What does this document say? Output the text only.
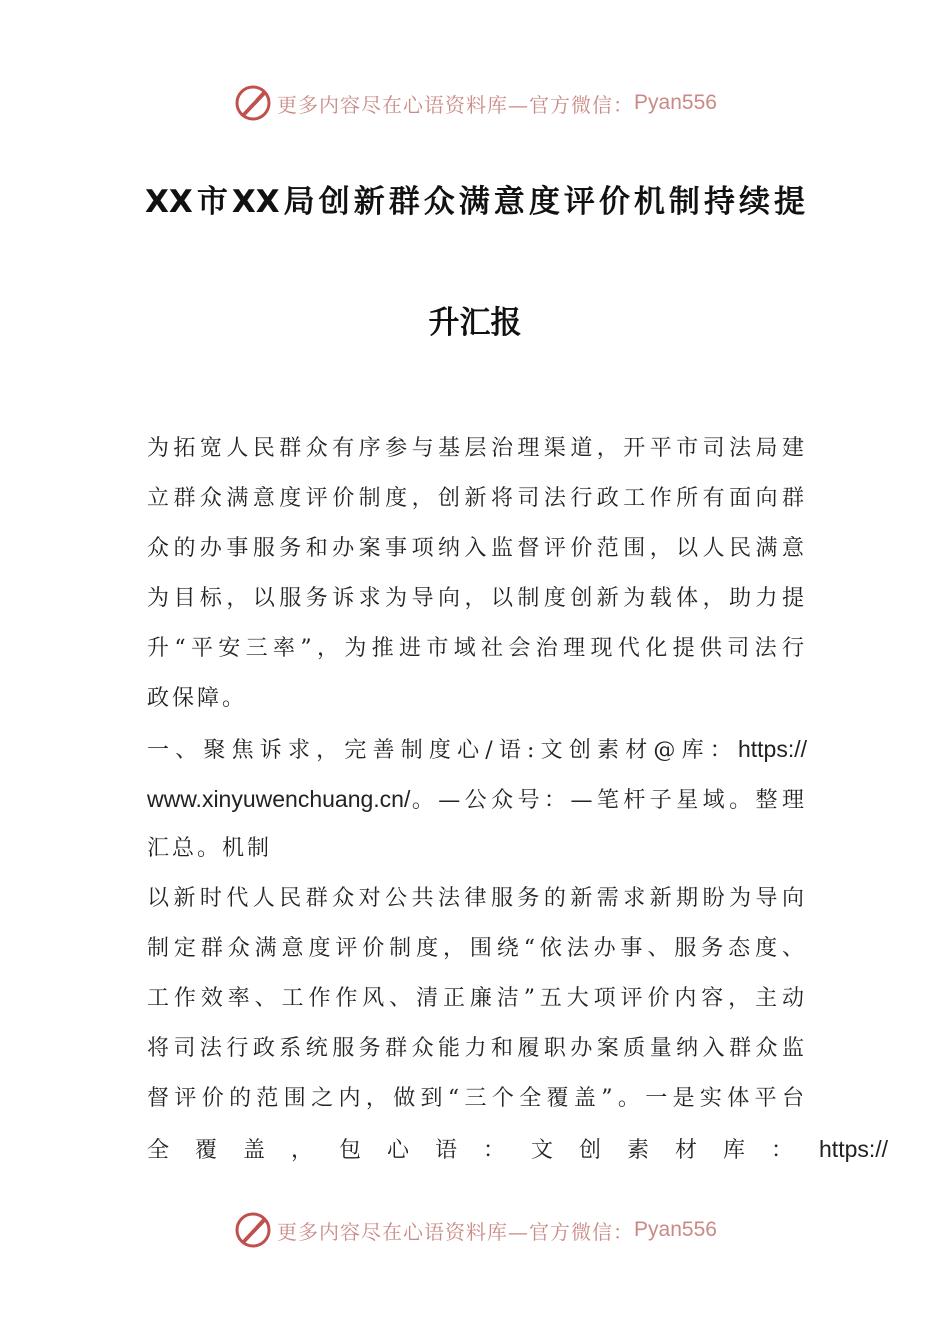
更多内容尽在心语资料库—官方微信： Pyan556
XX市XX局创新群众满意度评价机制持续提
升汇报
为拓宽人民群众有序参与基层治理渠道，开平市司法局建
立群众满意度评价制度，创新将司法行政工作所有面向群
众的办事服务和办案事项纳入监督评价范围，以人民满意
为目标，以服务诉求为导向，以制度创新为载体，助力提
升“平安三率”，为推进市域社会治理现代化提供司法行
政保障。
一、聚焦诉求，完善制度心/语:文创素材@库：https://
www.xinyuwenchuang.cn/。—公众号：—笔杆子星域。整理
汇总。机制
以新时代人民群众对公共法律服务的新需求新期盼为导向
制定群众满意度评价制度，围绕“依法办事、服务态度、
工作效率、工作作风、清正廉洁”五大项评价内容，主动
将司法行政系统服务群众能力和履职办案质量纳入群众监
督评价的范围之内，做到“三个全覆盖”。一是实体平台
全覆盖，包心语：文创素材库：https://
更多内容尽在心语资料库—官方微信： Pyan556
